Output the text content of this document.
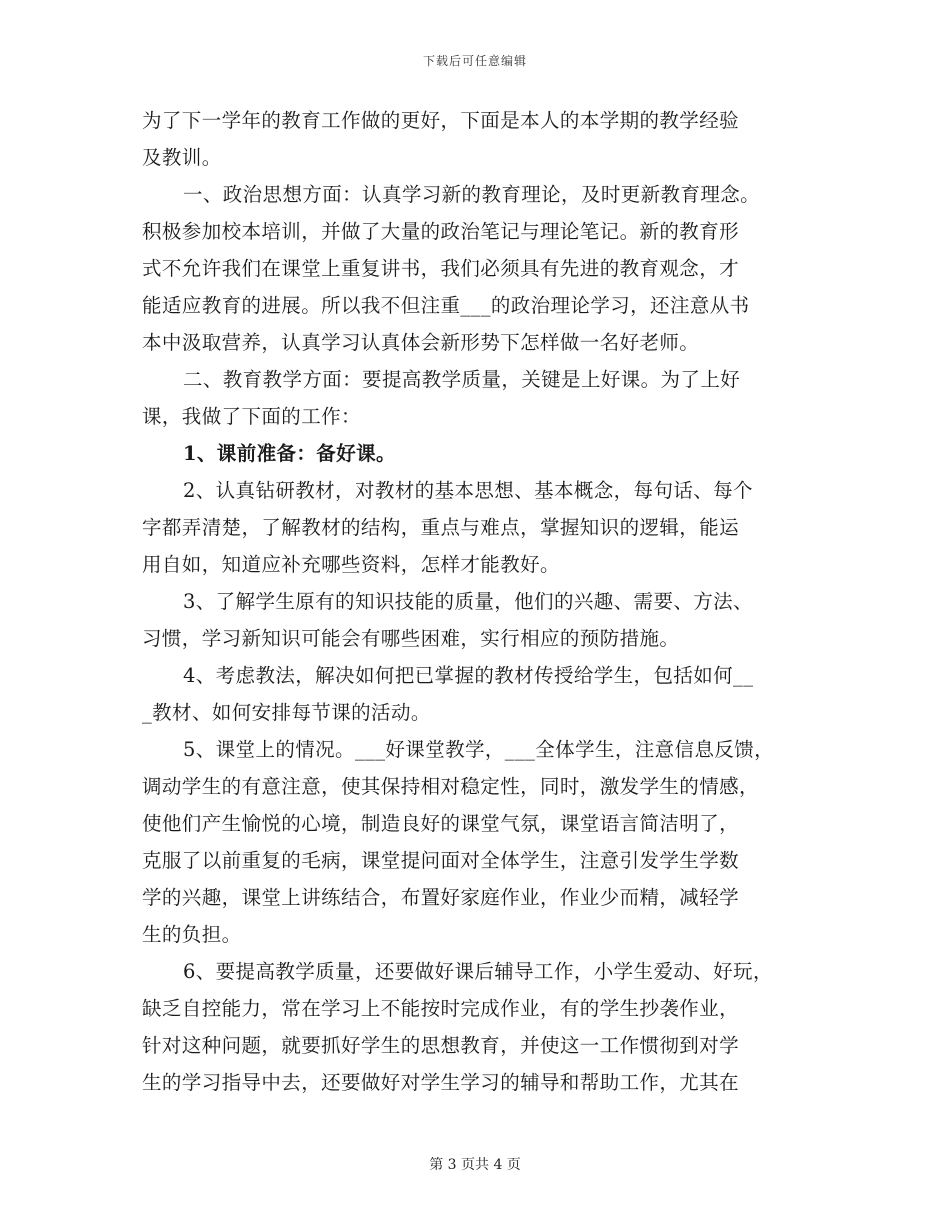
下载后可任意编辑
为了下一学年的教育工作做的更好，下面是本人的本学期的教学经验
及教训。
一、政治思想方面：认真学习新的教育理论，及时更新教育理念。
积极参加校本培训，并做了大量的政治笔记与理论笔记。新的教育形
式不允许我们在课堂上重复讲书，我们必须具有先进的教育观念，才
能适应教育的进展。所以我不但注重___的政治理论学习，还注意从书
本中汲取营养，认真学习认真体会新形势下怎样做一名好老师。
二、教育教学方面：要提高教学质量，关键是上好课。为了上好
课，我做了下面的工作：
1、课前准备：备好课。
2、认真钻研教材，对教材的基本思想、基本概念，每句话、每个
字都弄清楚，了解教材的结构，重点与难点，掌握知识的逻辑，能运
用自如，知道应补充哪些资料，怎样才能教好。
3、了解学生原有的知识技能的质量，他们的兴趣、需要、方法、
习惯，学习新知识可能会有哪些困难，实行相应的预防措施。
4、考虑教法，解决如何把已掌握的教材传授给学生，包括如何__
_教材、如何安排每节课的活动。
5、课堂上的情况。___好课堂教学，___全体学生，注意信息反馈，
调动学生的有意注意，使其保持相对稳定性，同时，激发学生的情感，
使他们产生愉悦的心境，制造良好的课堂气氛，课堂语言简洁明了，
克服了以前重复的毛病，课堂提问面对全体学生，注意引发学生学数
学的兴趣，课堂上讲练结合，布置好家庭作业，作业少而精，减轻学
生的负担。
6、要提高教学质量，还要做好课后辅导工作，小学生爱动、好玩，
缺乏自控能力，常在学习上不能按时完成作业，有的学生抄袭作业，
针对这种问题，就要抓好学生的思想教育，并使这一工作惯彻到对学
生的学习指导中去，还要做好对学生学习的辅导和帮助工作，尤其在
第 3 页共 4 页
